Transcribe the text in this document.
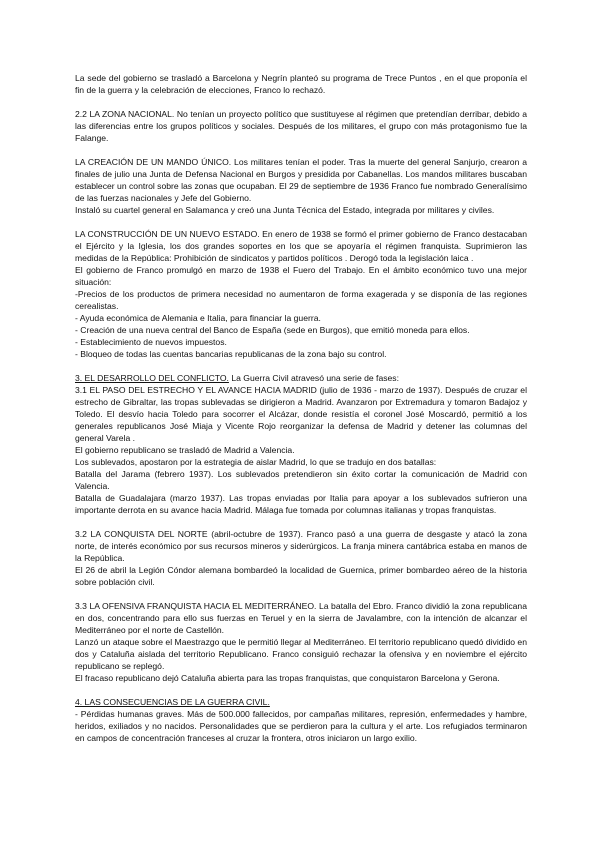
La sede del gobierno se trasladó a Barcelona y Negrín planteó su programa de Trece Puntos , en el que proponía el fin de la guerra y la celebración de elecciones, Franco lo rechazó.

2.2 LA ZONA NACIONAL. No tenían un proyecto político que sustituyese al régimen que pretendían derribar, debido a las diferencias entre los grupos políticos y sociales. Después de los militares, el grupo con más protagonismo fue la Falange.

LA CREACIÓN DE UN MANDO ÚNICO. Los militares tenían el poder. Tras la muerte del general Sanjurjo, crearon a finales de julio una Junta de Defensa Nacional en Burgos y presidida por Cabanellas. Los mandos militares buscaban establecer un control sobre las zonas que ocupaban. El 29 de septiembre de 1936 Franco fue nombrado Generalísimo de las fuerzas nacionales y Jefe del Gobierno.

Instaló su cuartel general en Salamanca y creó una Junta Técnica del Estado, integrada por militares y civiles.

LA CONSTRUCCIÓN DE UN NUEVO ESTADO. En enero de 1938 se formó el primer gobierno de Franco destacaban el Ejército y la Iglesia, los dos grandes soportes en los que se apoyaría el régimen franquista. Suprimieron las medidas de la República: Prohibición de sindicatos y partidos políticos . Derogó toda la legislación laica .

El gobierno de Franco promulgó en marzo de 1938 el Fuero del Trabajo. En el ámbito económico tuvo una mejor situación:

-Precios de los productos de primera necesidad no aumentaron de forma exagerada y se disponía de las regiones cerealistas.

- Ayuda económica de Alemania e Italia, para financiar la guerra.

- Creación de una nueva central del Banco de España (sede en Burgos), que emitió moneda para ellos.

- Establecimiento de nuevos impuestos.

- Bloqueo de todas las cuentas bancarias republicanas de la zona bajo su control.

3. EL DESARROLLO DEL CONFLICTO. La Guerra Civil atravesó una serie de fases:

3.1 EL PASO DEL ESTRECHO Y EL AVANCE HACIA MADRID (julio de 1936 - marzo de 1937). Después de cruzar el estrecho de Gibraltar, las tropas sublevadas se dirigieron a Madrid. Avanzaron por Extremadura y tomaron Badajoz y Toledo. El desvío hacia Toledo para socorrer el Alcázar, donde resistía el coronel José Moscardó, permitió a los generales republicanos José Miaja y Vicente Rojo reorganizar la defensa de Madrid y detener las columnas del general Varela .

El gobierno republicano se trasladó de Madrid a Valencia.

Los sublevados, apostaron por la estrategia de aislar Madrid, lo que se tradujo en dos batallas:

Batalla del Jarama (febrero 1937). Los sublevados pretendieron sin éxito cortar la comunicación de Madrid con Valencia.

Batalla de Guadalajara (marzo 1937). Las tropas enviadas por Italia para apoyar a los sublevados sufrieron una importante derrota en su avance hacia Madrid. Málaga fue tomada por columnas italianas y tropas franquistas.

3.2 LA CONQUISTA DEL NORTE (abril-octubre de 1937). Franco pasó a una guerra de desgaste y atacó la zona norte, de interés económico por sus recursos mineros y siderúrgicos. La franja minera cantábrica estaba en manos de la República.

El 26 de abril la Legión Cóndor alemana bombardeó la localidad de Guernica, primer bombardeo aéreo de la historia sobre población civil.

3.3 LA OFENSIVA FRANQUISTA HACIA EL MEDITERRÁNEO. La batalla del Ebro. Franco dividió la zona republicana en dos, concentrando para ello sus fuerzas en Teruel y en la sierra de Javalambre, con la intención de alcanzar el Mediterráneo por el norte de Castellón.

Lanzó un ataque sobre el Maestrazgo que le permitió llegar al Mediterráneo. El territorio republicano quedó dividido en dos y Cataluña aislada del territorio Republicano. Franco consiguió rechazar la ofensiva y en noviembre el ejército republicano se replegó.

El fracaso republicano dejó Cataluña abierta para las tropas franquistas, que conquistaron Barcelona y Gerona.

4. LAS CONSECUENCIAS DE LA GUERRA CIVIL.

- Pérdidas humanas graves. Más de 500.000 fallecidos, por campañas militares, represión, enfermedades y hambre, heridos, exiliados y no nacidos. Personalidades que se perdieron para la cultura y el arte. Los refugiados terminaron en campos de concentración franceses al cruzar la frontera, otros iniciaron un largo exilio.
